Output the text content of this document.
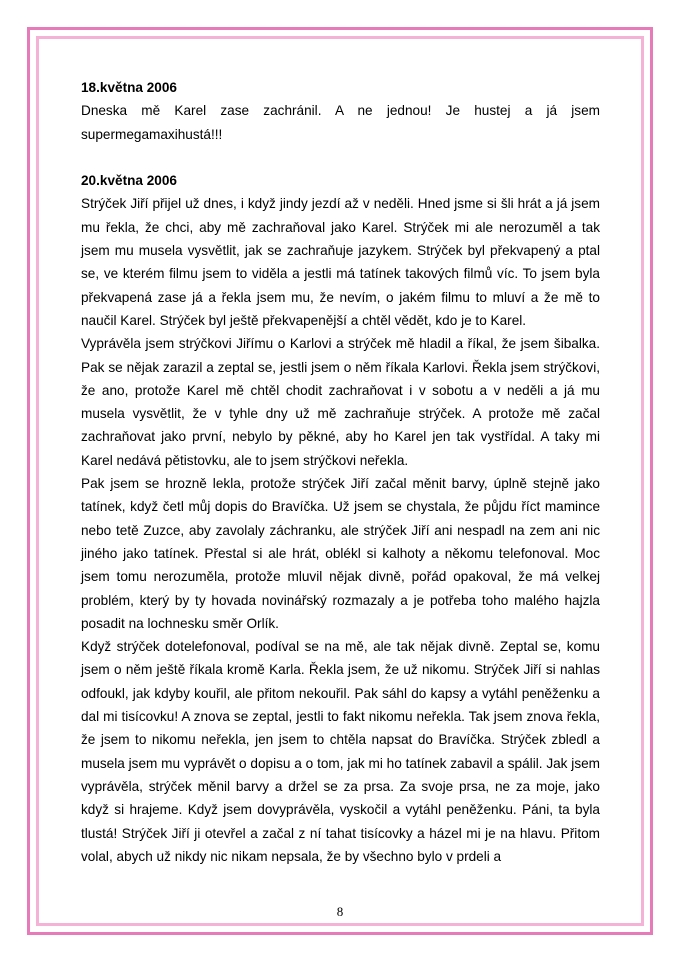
18.května 2006

Dneska mě Karel zase zachránil. A ne jednou! Je hustej a já jsem supermegamaxihustá!!!

20.května 2006

Strýček Jiří přijel už dnes, i když jindy jezdí až v neděli. Hned jsme si šli hrát a já jsem mu řekla, že chci, aby mě zachraňoval jako Karel. Strýček mi ale nerozuměl a tak jsem mu musela vysvětlit, jak se zachraňuje jazykem. Strýček byl překvapený a ptal se, ve kterém filmu jsem to viděla a jestli má tatínek takových filmů víc. To jsem byla překvapená zase já a řekla jsem mu, že nevím, o jakém filmu to mluví a že mě to naučil Karel. Strýček byl ještě překvapenější a chtěl vědět, kdo je to Karel.

Vyprávěla jsem strýčkovi Jiřímu o Karlovi a strýček mě hladil a říkal, že jsem šibalka. Pak se nějak zarazil a zeptal se, jestli jsem o něm říkala Karlovi. Řekla jsem strýčkovi, že ano, protože Karel mě chtěl chodit zachraňovat i v sobotu a v neděli a já mu musela vysvětlit, že v tyhle dny už mě zachraňuje strýček. A protože mě začal zachraňovat jako první, nebylo by pěkné, aby ho Karel jen tak vystřídal. A taky mi Karel nedává pětistovku, ale to jsem strýčkovi neřekla.

Pak jsem se hrozně lekla, protože strýček Jiří začal měnit barvy, úplně stejně jako tatínek, když četl můj dopis do Bravíčka. Už jsem se chystala, že půjdu říct mamince nebo tetě Zuzce, aby zavolaly záchranku, ale strýček Jiří ani nespadl na zem ani nic jiného jako tatínek. Přestal si ale hrát, oblékl si kalhoty a někomu telefonoval. Moc jsem tomu nerozuměla, protože mluvil nějak divně, pořád opakoval, že má velkej problém, který by ty hovada novinářský rozmazaly a je potřeba toho malého hajzla posadit na lochnesku směr Orlík.

Když strýček dotelefonoval, podíval se na mě, ale tak nějak divně. Zeptal se, komu jsem o něm ještě říkala kromě Karla. Řekla jsem, že už nikomu. Strýček Jiří si nahlas odfoukl, jak kdyby kouřil, ale přitom nekouřil. Pak sáhl do kapsy a vytáhl peněženku a dal mi tisícovku! A znova se zeptal, jestli to fakt nikomu neřekla. Tak jsem znova řekla, že jsem to nikomu neřekla, jen jsem to chtěla napsat do Bravíčka. Strýček zbledl a musela jsem mu vyprávět o dopisu a o tom, jak mi ho tatínek zabavil a spálil. Jak jsem vyprávěla, strýček měnil barvy a držel se za prsa. Za svoje prsa, ne za moje, jako když si hrajeme. Když jsem dovyprávěla, vyskočil a vytáhl peněženku. Páni, ta byla tlustá! Strýček Jiří ji otevřel a začal z ní tahat tisícovky a házel mi je na hlavu. Přitom volal, abych už nikdy nic nikam nepsala, že by všechno bylo v prdeli a

8
